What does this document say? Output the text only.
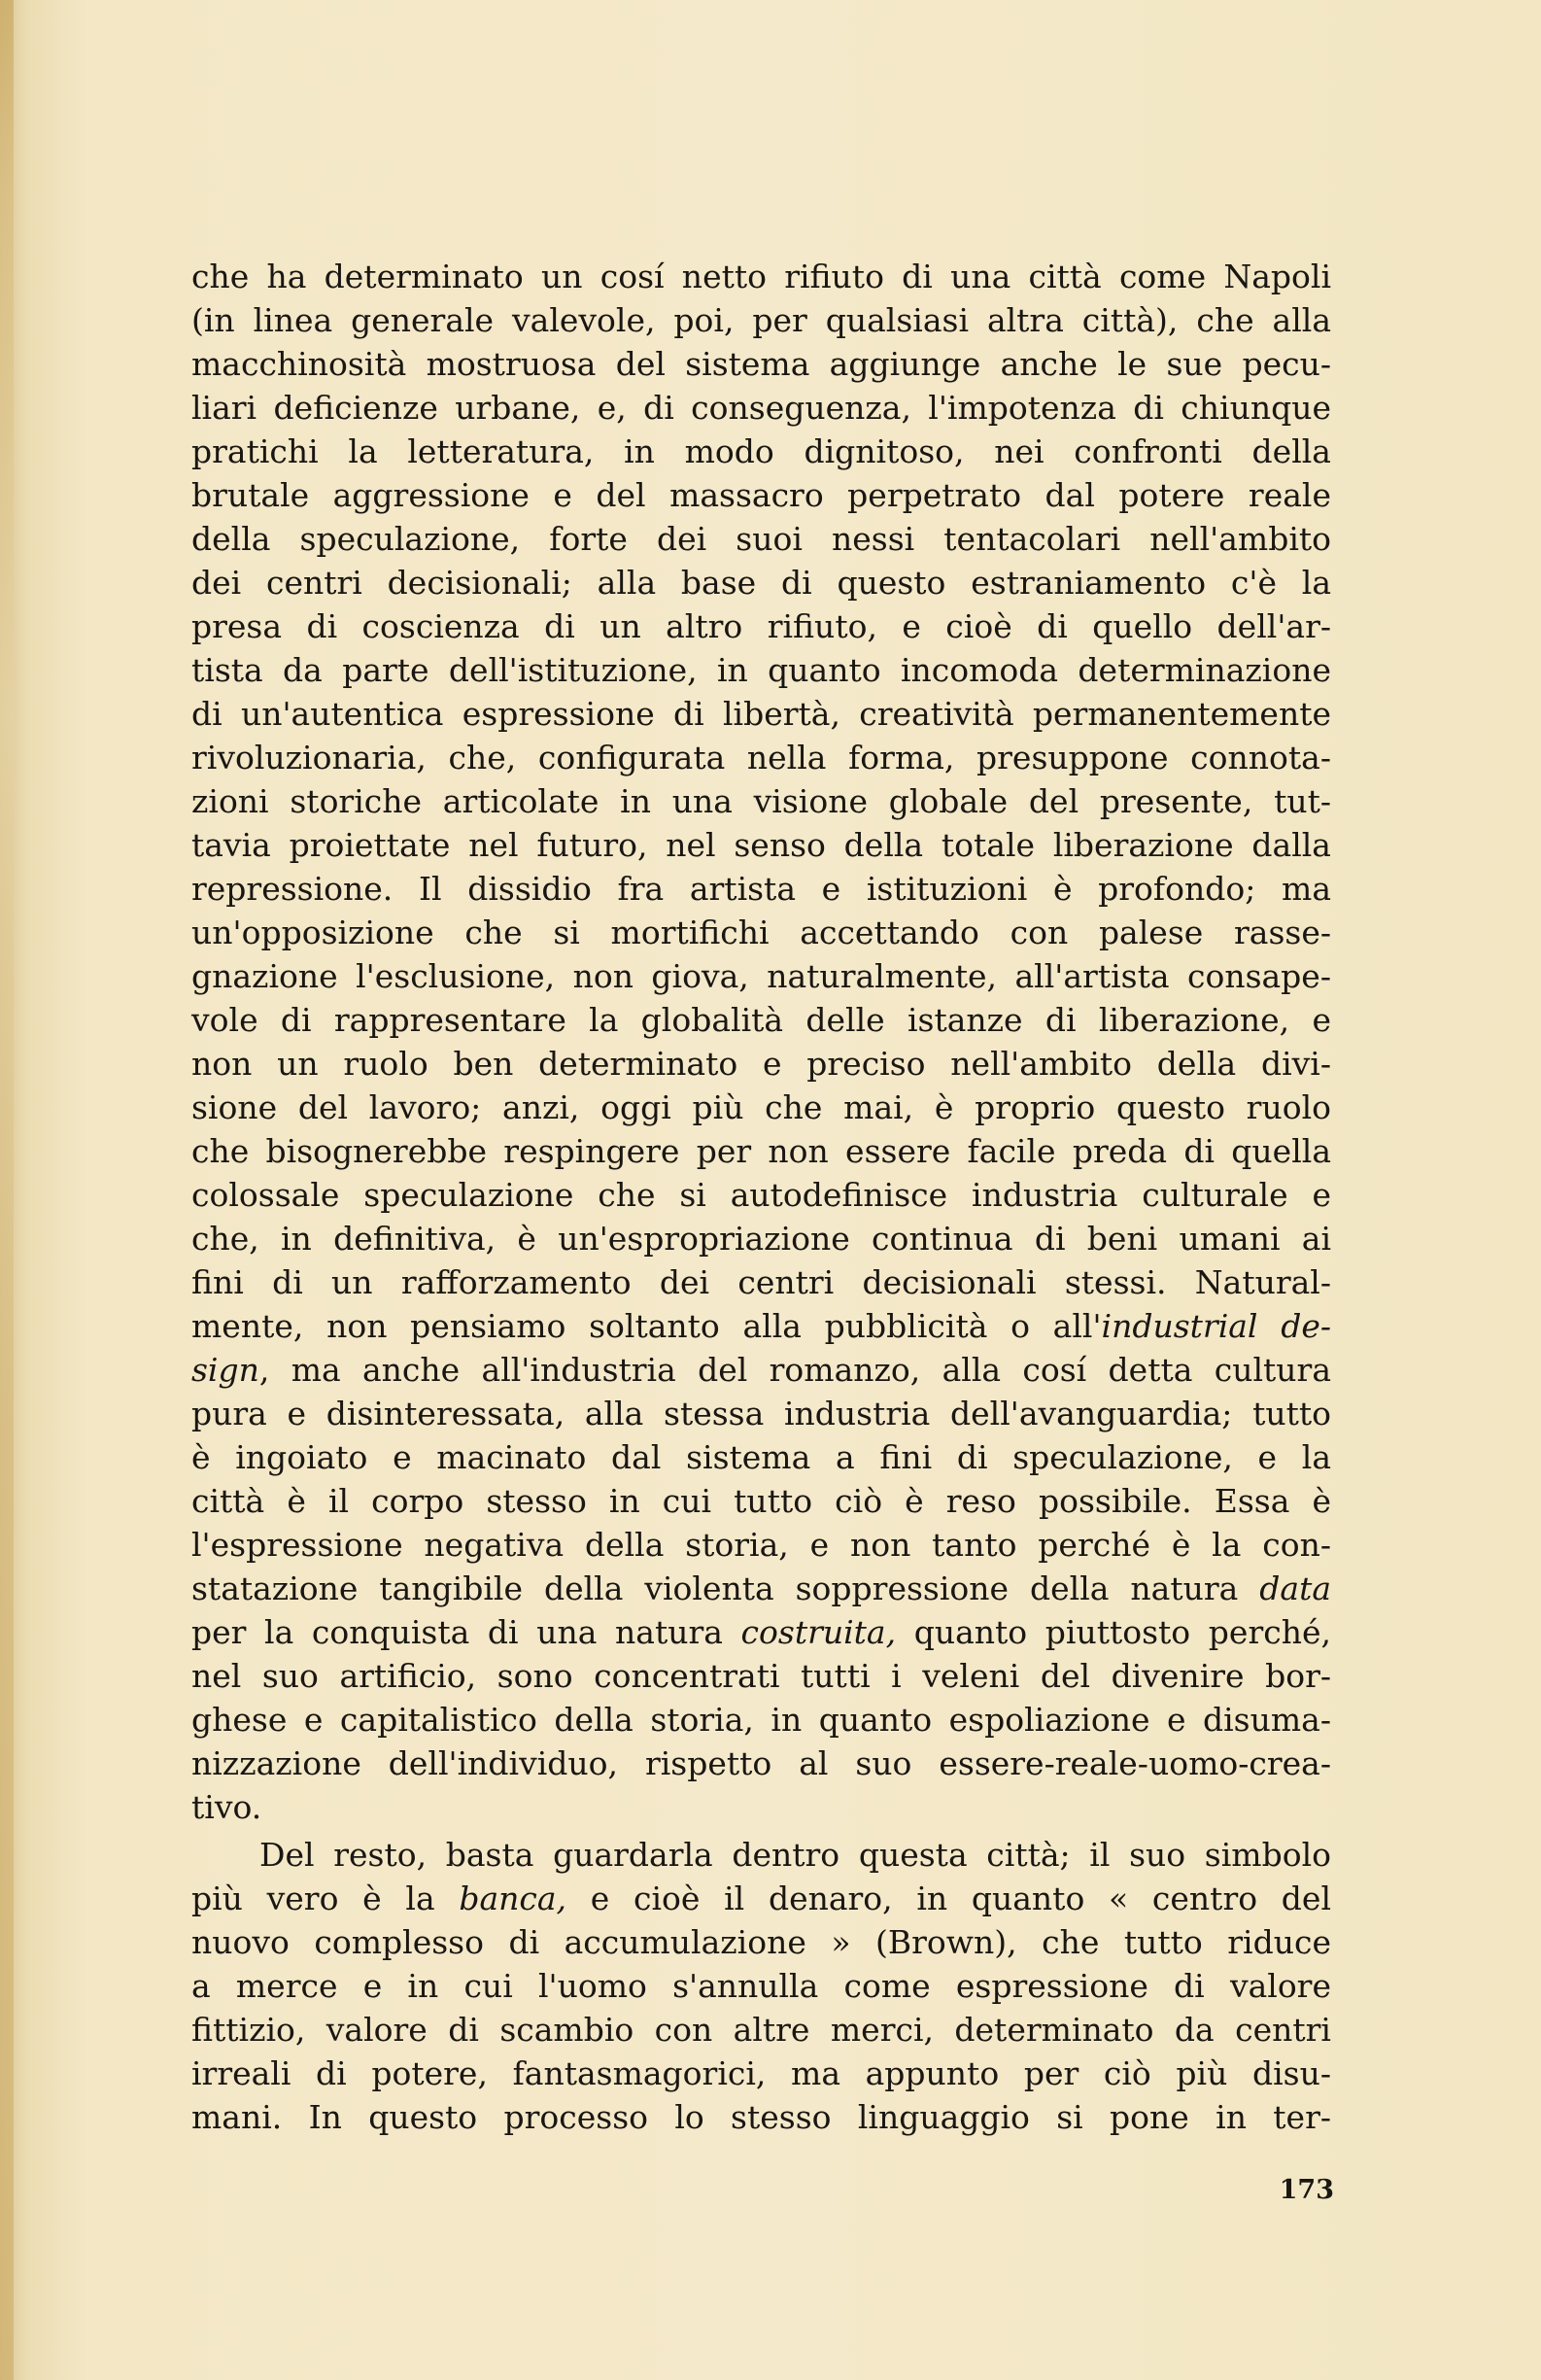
che ha determinato un cosí netto rifiuto di una città come Napoli
(in linea generale valevole, poi, per qualsiasi altra città), che alla
macchinosità mostruosa del sistema aggiunge anche le sue pecu-
liari deficienze urbane, e, di conseguenza, l'impotenza di chiunque
pratichi la letteratura, in modo dignitoso, nei confronti della
brutale aggressione e del massacro perpetrato dal potere reale
della speculazione, forte dei suoi nessi tentacolari nell'ambito
dei centri decisionali; alla base di questo estraniamento c'è la
presa di coscienza di un altro rifiuto, e cioè di quello dell'ar-
tista da parte dell'istituzione, in quanto incomoda determinazione
di un'autentica espressione di libertà, creatività permanentemente
rivoluzionaria, che, configurata nella forma, presuppone connota-
zioni storiche articolate in una visione globale del presente, tut-
tavia proiettate nel futuro, nel senso della totale liberazione dalla
repressione. Il dissidio fra artista e istituzioni è profondo; ma
un'opposizione che si mortifichi accettando con palese rasse-
gnazione l'esclusione, non giova, naturalmente, all'artista consape-
vole di rappresentare la globalità delle istanze di liberazione, e
non un ruolo ben determinato e preciso nell'ambito della divi-
sione del lavoro; anzi, oggi più che mai, è proprio questo ruolo
che bisognerebbe respingere per non essere facile preda di quella
colossale speculazione che si autodefinisce industria culturale e
che, in definitiva, è un'espropriazione continua di beni umani ai
fini di un rafforzamento dei centri decisionali stessi. Natural-
mente, non pensiamo soltanto alla pubblicità o all'industrial de-
sign, ma anche all'industria del romanzo, alla cosí detta cultura
pura e disinteressata, alla stessa industria dell'avanguardia; tutto
è ingoiato e macinato dal sistema a fini di speculazione, e la
città è il corpo stesso in cui tutto ciò è reso possibile. Essa è
l'espressione negativa della storia, e non tanto perché è la con-
statazione tangibile della violenta soppressione della natura data
per la conquista di una natura costruita, quanto piuttosto perché,
nel suo artificio, sono concentrati tutti i veleni del divenire bor-
ghese e capitalistico della storia, in quanto espoliazione e disuma-
nizzazione dell'individuo, rispetto al suo essere-reale-uomo-crea-
tivo.
Del resto, basta guardarla dentro questa città; il suo simbolo
più vero è la banca, e cioè il denaro, in quanto « centro del
nuovo complesso di accumulazione » (Brown), che tutto riduce
a merce e in cui l'uomo s'annulla come espressione di valore
fittizio, valore di scambio con altre merci, determinato da centri
irreali di potere, fantasmagorici, ma appunto per ciò più disu-
mani. In questo processo lo stesso linguaggio si pone in ter-
173
